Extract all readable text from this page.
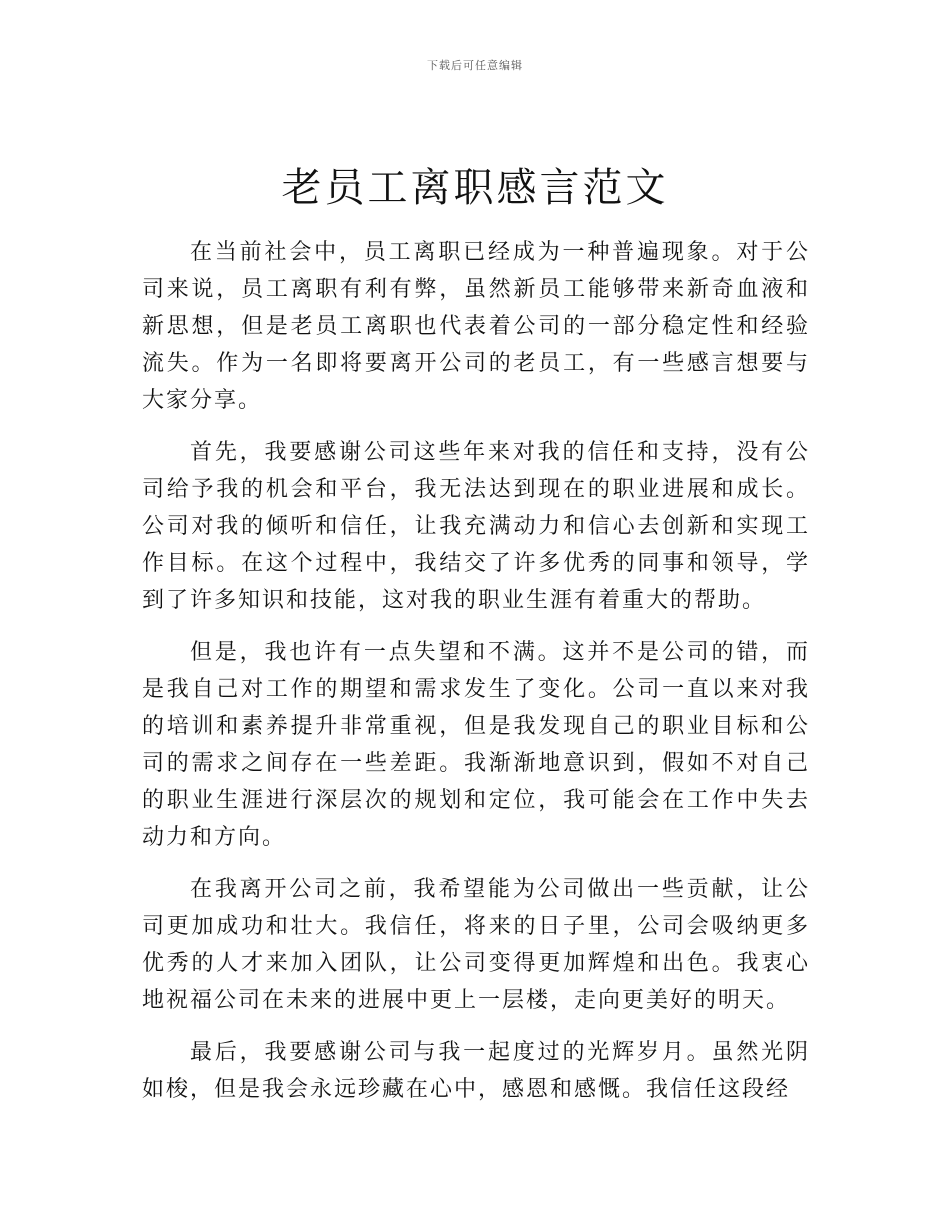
下载后可任意编辑
老员工离职感言范文

在当前社会中，员工离职已经成为一种普遍现象。对于公司来说，员工离职有利有弊，虽然新员工能够带来新奇血液和新思想，但是老员工离职也代表着公司的一部分稳定性和经验流失。作为一名即将要离开公司的老员工，有一些感言想要与大家分享。

首先，我要感谢公司这些年来对我的信任和支持，没有公司给予我的机会和平台，我无法达到现在的职业进展和成长。公司对我的倾听和信任，让我充满动力和信心去创新和实现工作目标。在这个过程中，我结交了许多优秀的同事和领导，学到了许多知识和技能，这对我的职业生涯有着重大的帮助。

但是，我也许有一点失望和不满。这并不是公司的错，而是我自己对工作的期望和需求发生了变化。公司一直以来对我的培训和素养提升非常重视，但是我发现自己的职业目标和公司的需求之间存在一些差距。我渐渐地意识到，假如不对自己的职业生涯进行深层次的规划和定位，我可能会在工作中失去动力和方向。

在我离开公司之前，我希望能为公司做出一些贡献，让公司更加成功和壮大。我信任，将来的日子里，公司会吸纳更多优秀的人才来加入团队，让公司变得更加辉煌和出色。我衷心地祝福公司在未来的进展中更上一层楼，走向更美好的明天。

最后，我要感谢公司与我一起度过的光辉岁月。虽然光阴如梭，但是我会永远珍藏在心中，感恩和感慨。我信任这段经
